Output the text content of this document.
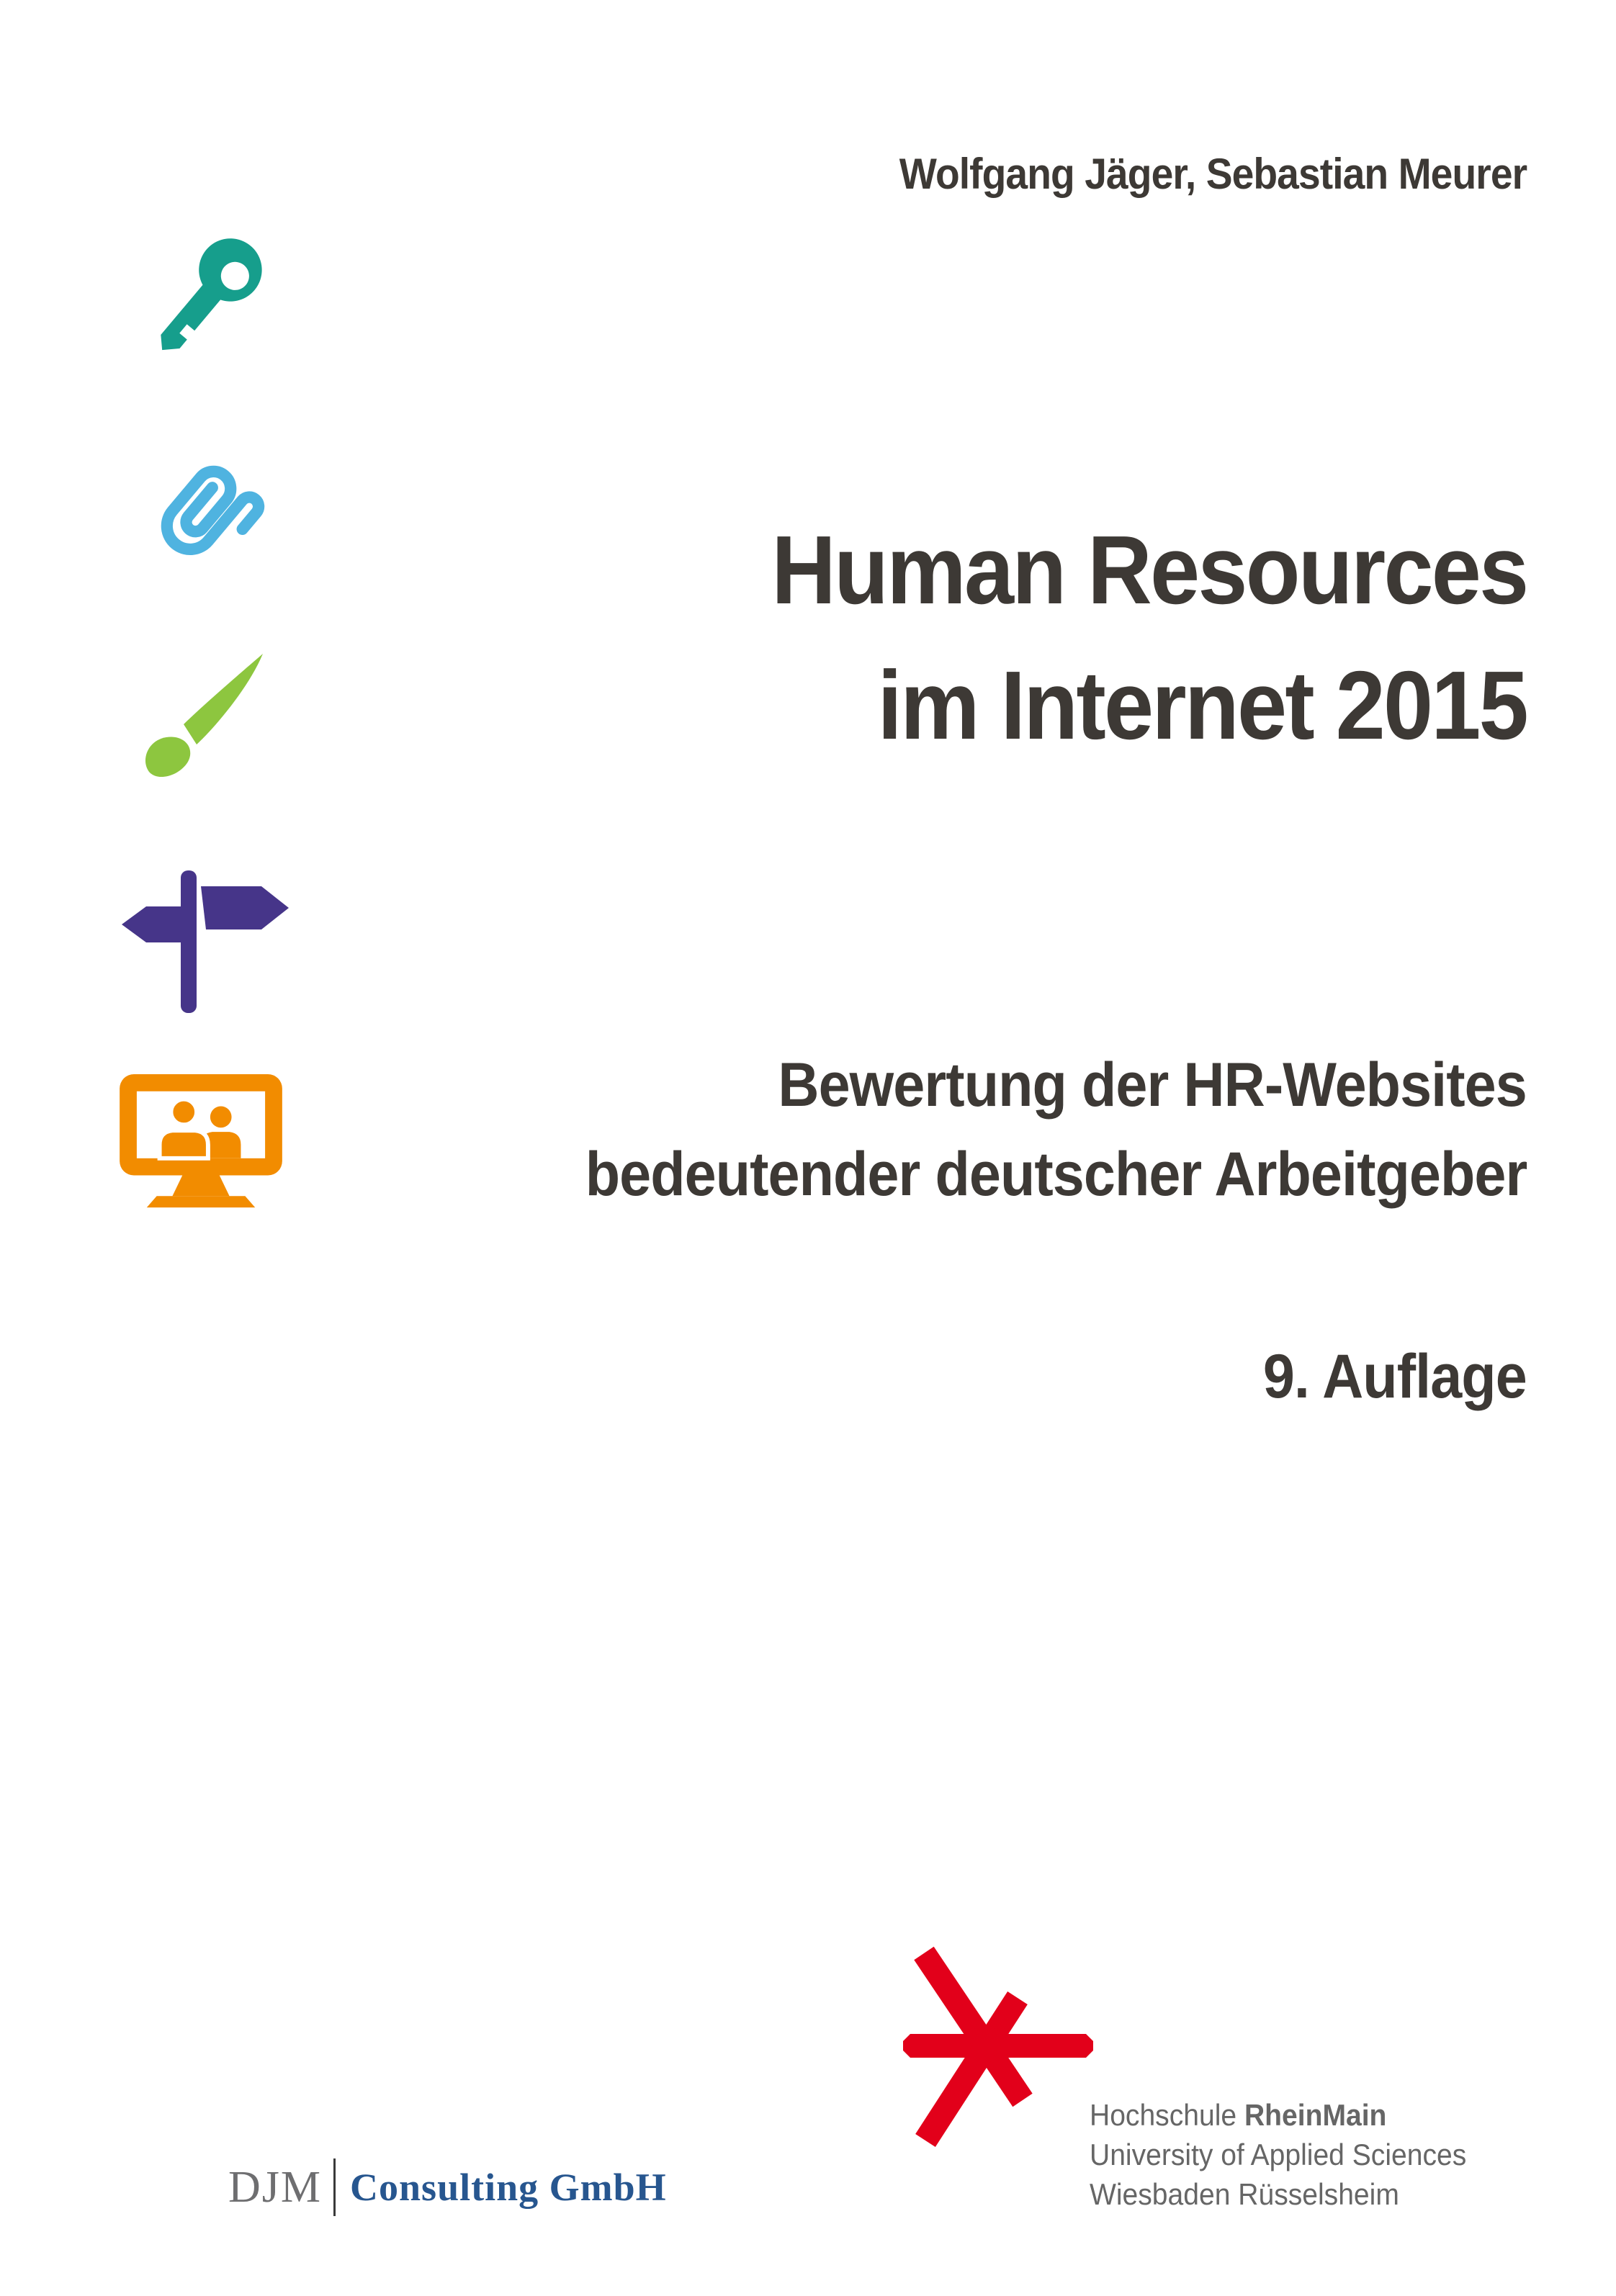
Wolfgang Jäger, Sebastian Meurer
Human Resources
im Internet 2015
Bewertung der HR-Websites
bedeutender deutscher Arbeitgeber
9. Auflage
DJM Consulting GmbH
Hochschule RheinMain
University of Applied Sciences
Wiesbaden Rüsselsheim
